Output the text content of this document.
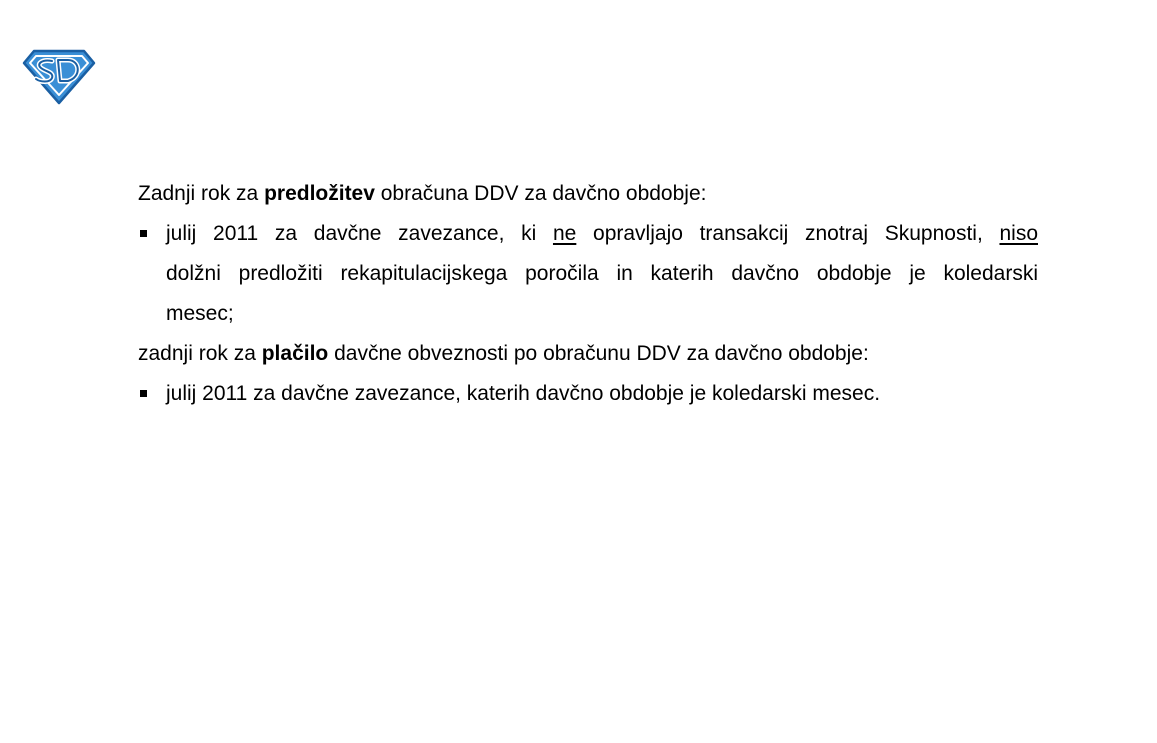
Zadnji rok za predložitev obračuna DDV za davčno obdobje:

julij 2011 za davčne zavezance, ki ne opravljajo transakcij znotraj Skupnosti, niso
dolžni predložiti rekapitulacijskega poročila in katerih davčno obdobje je koledarski
mesec;

zadnji rok za plačilo davčne obveznosti po obračunu DDV za davčno obdobje:

julij 2011 za davčne zavezance, katerih davčno obdobje je koledarski mesec.
